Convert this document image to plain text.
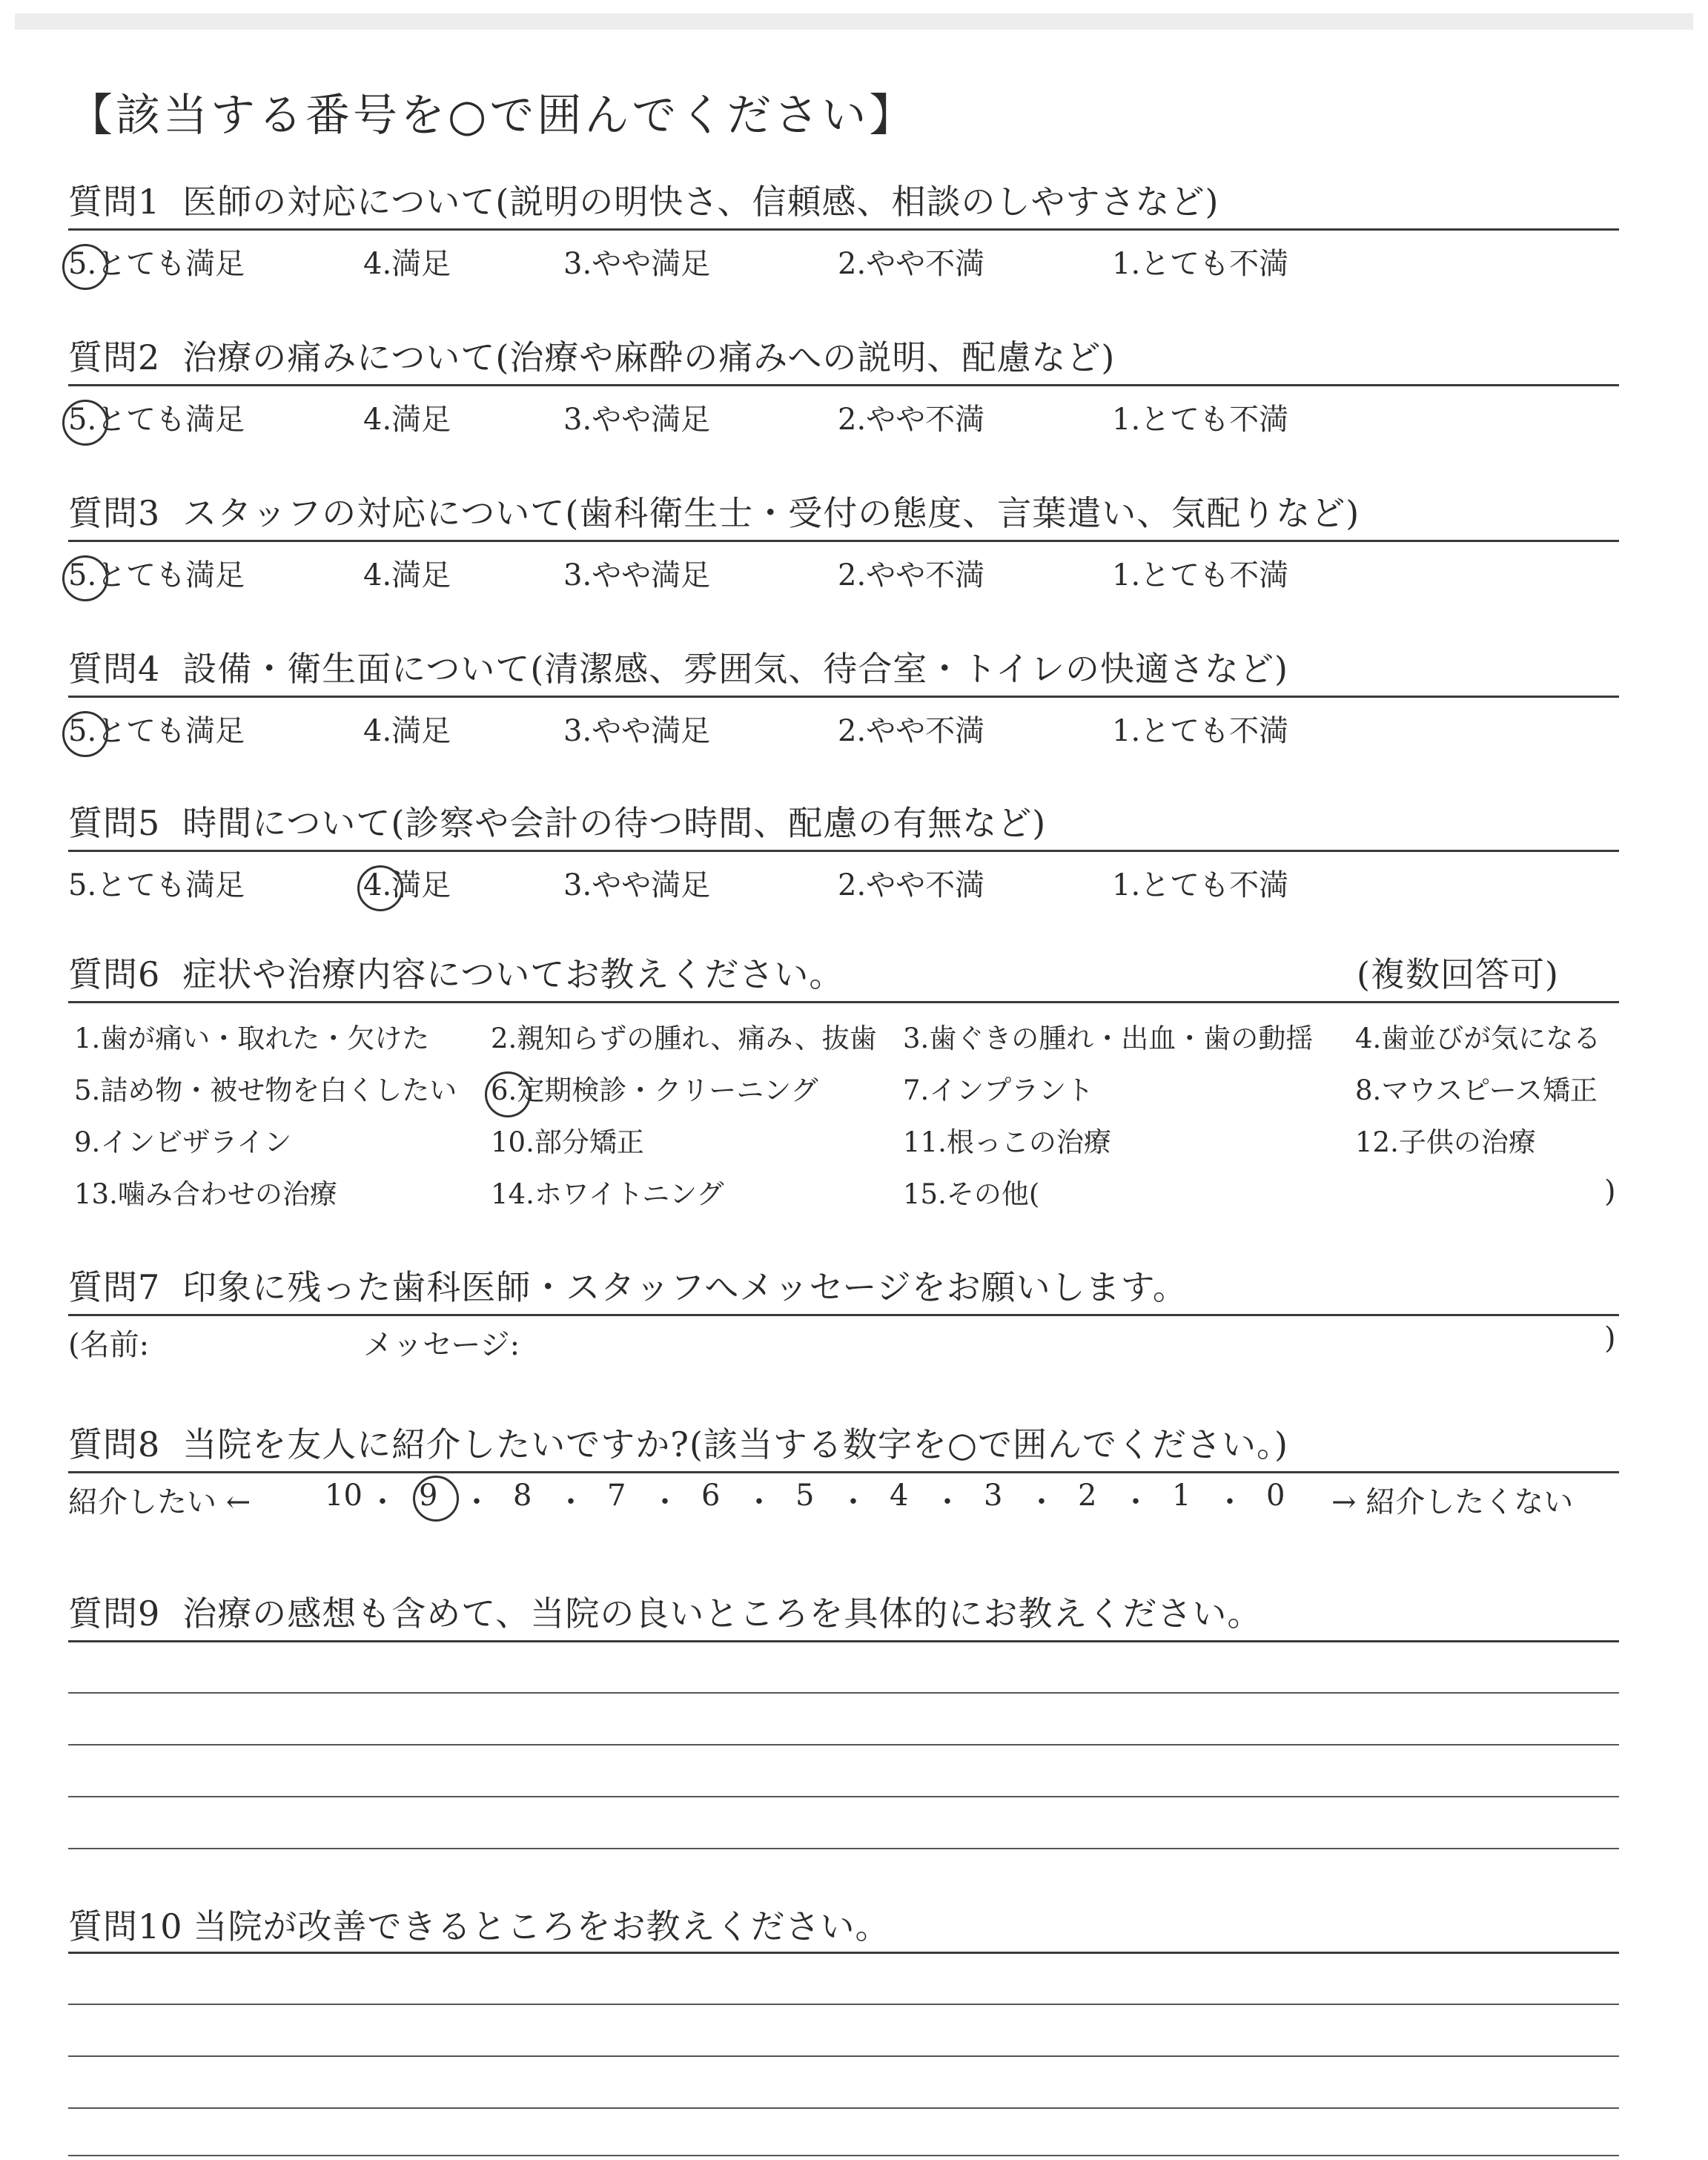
【該当する番号を○で囲んでください】
質問1 医師の対応について(説明の明快さ、信頼感、相談のしやすさなど)
5.とても満足	4.満足	3.やや満足	2.やや不満	1.とても不満
質問2 治療の痛みについて(治療や麻酔の痛みへの説明、配慮など)
5.とても満足	4.満足	3.やや満足	2.やや不満	1.とても不満
質問3 スタッフの対応について(歯科衛生士・受付の態度、言葉遣い、気配りなど)
5.とても満足	4.満足	3.やや満足	2.やや不満	1.とても不満
質問4 設備・衛生面について(清潔感、雰囲気、待合室・トイレの快適さなど)
5.とても満足	4.満足	3.やや満足	2.やや不満	1.とても不満
質問5 時間について(診察や会計の待つ時間、配慮の有無など)
5.とても満足	4.満足	3.やや満足	2.やや不満	1.とても不満
質問6 症状や治療内容についてお教えください。	(複数回答可)
1.歯が痛い・取れた・欠けた 2.親知らずの腫れ、痛み、抜歯 3.歯ぐきの腫れ・出血・歯の動揺 4.歯並びが気になる
5.詰め物・被せ物を白くしたい 6.定期検診・クリーニング	7.インプラント	8.マウスピース矯正
9.インビザライン	10.部分矯正	11.根っこの治療	12.子供の治療
13.噛み合わせの治療	14.ホワイトニング	15.その他(	)
質問7 印象に残った歯科医師・スタッフへメッセージをお願いします。
(名前:	メッセージ:	)
質問8 当院を友人に紹介したいですか?(該当する数字を○で囲んでください。)
紹介したい ← 10 ・ 9 ・ 8 ・ 7 ・ 6 ・ 5 ・ 4 ・ 3 ・ 2 ・ 1 ・ 0 → 紹介したくない
質問9 治療の感想も含めて、当院の良いところを具体的にお教えください。
質問10 当院が改善できるところをお教えください。
